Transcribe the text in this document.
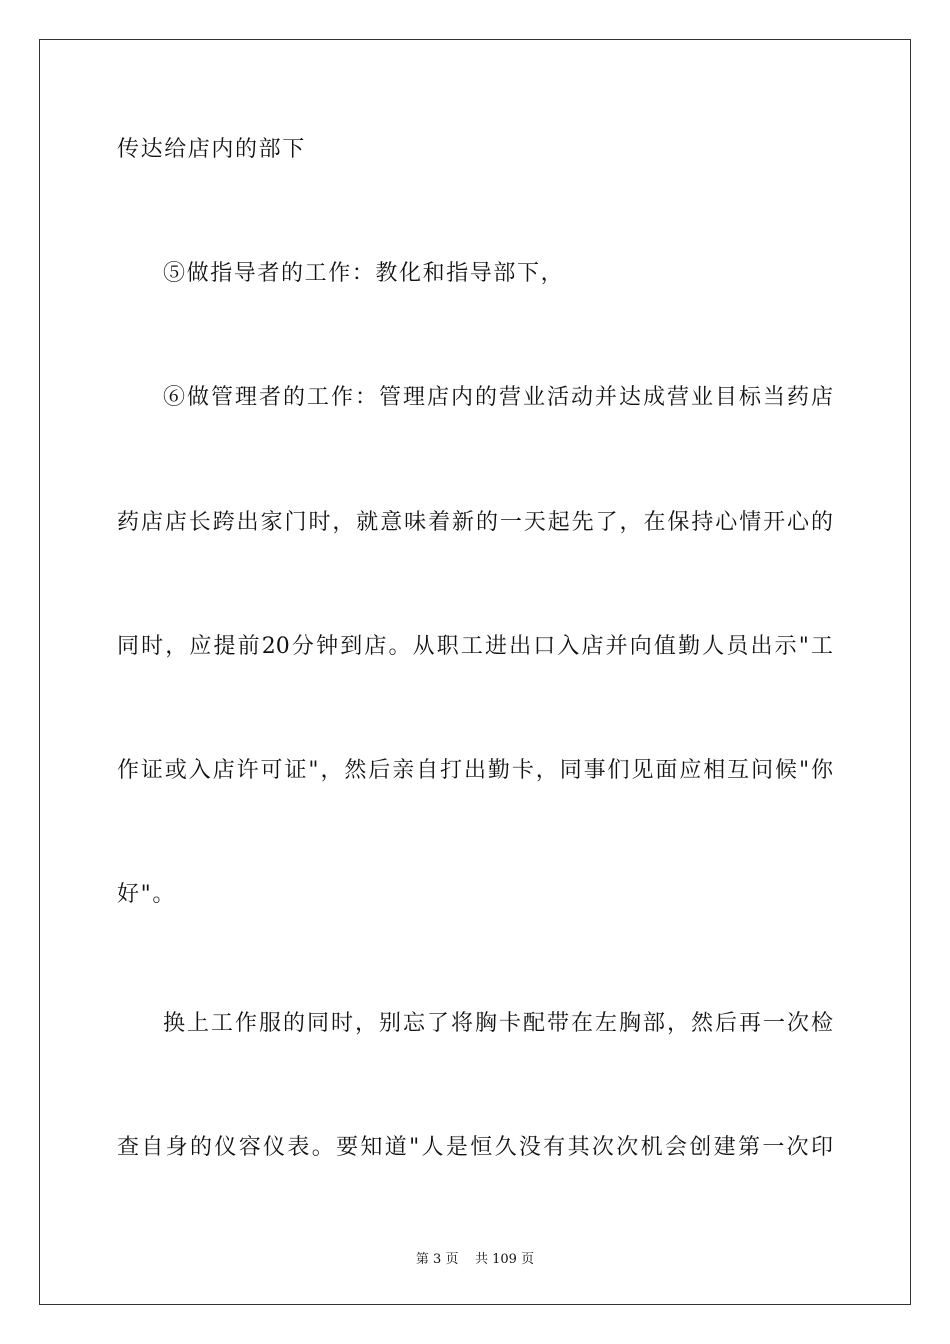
传达给店内的部下
⑤做指导者的工作：教化和指导部下，
⑥做管理者的工作：管理店内的营业活动并达成营业目标当药店
药店店长跨出家门时，就意味着新的一天起先了，在保持心情开心的
同时，应提前20分钟到店。从职工进出口入店并向值勤人员出示"工
作证或入店许可证"，然后亲自打出勤卡，同事们见面应相互问候"你
好"。
换上工作服的同时，别忘了将胸卡配带在左胸部，然后再一次检
查自身的仪容仪表。要知道"人是恒久没有其次次机会创建第一次印
第 3 页    共 109 页
